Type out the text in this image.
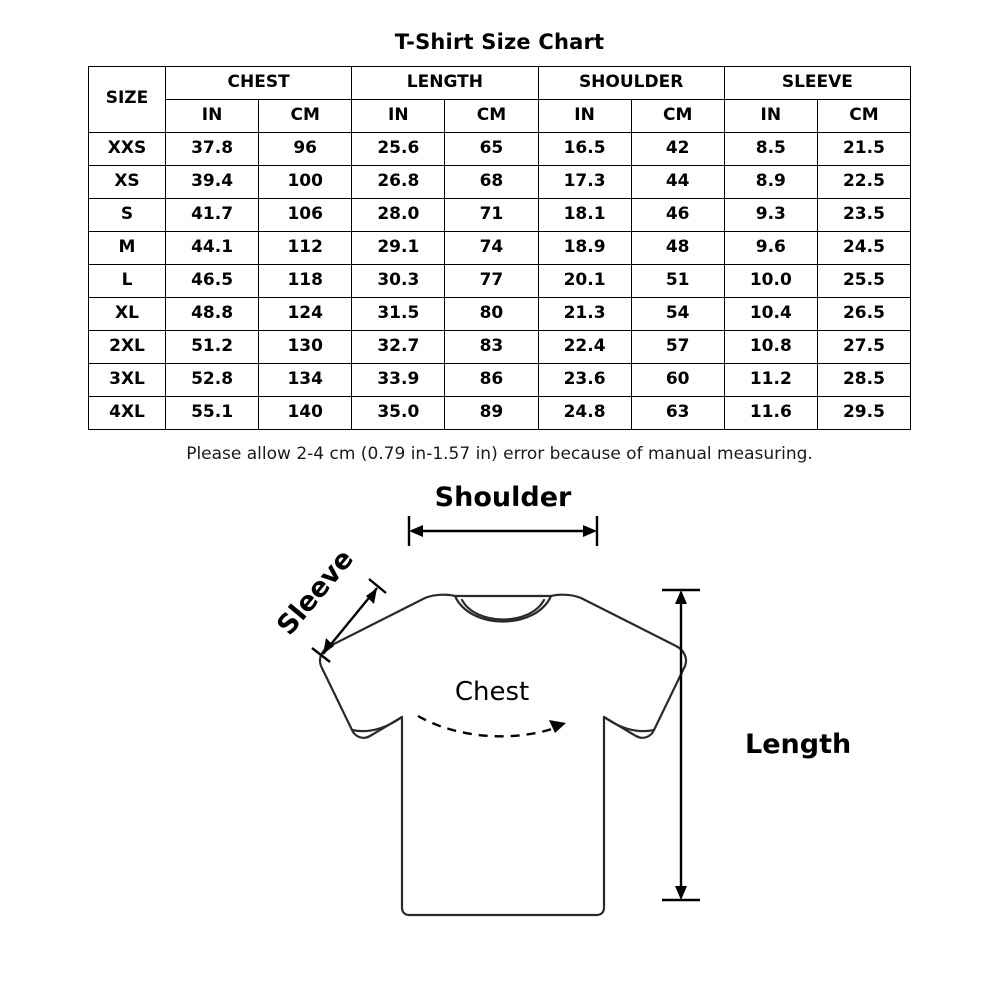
T-Shirt Size Chart
SIZE	CHEST		LENGTH		SHOULDER		SLEEVE	
	IN	CM	IN	CM	IN	CM	IN	CM
XXS	37.8	96	25.6	65	16.5	42	8.5	21.5
XS	39.4	100	26.8	68	17.3	44	8.9	22.5
S	41.7	106	28.0	71	18.1	46	9.3	23.5
M	44.1	112	29.1	74	18.9	48	9.6	24.5
L	46.5	118	30.3	77	20.1	51	10.0	25.5
XL	48.8	124	31.5	80	21.3	54	10.4	26.5
2XL	51.2	130	32.7	83	22.4	57	10.8	27.5
3XL	52.8	134	33.9	86	23.6	60	11.2	28.5
4XL	55.1	140	35.0	89	24.8	63	11.6	29.5
Please allow 2-4 cm (0.79 in-1.57 in) error because of manual measuring.
Shoulder
Sleeve
Chest
Length
